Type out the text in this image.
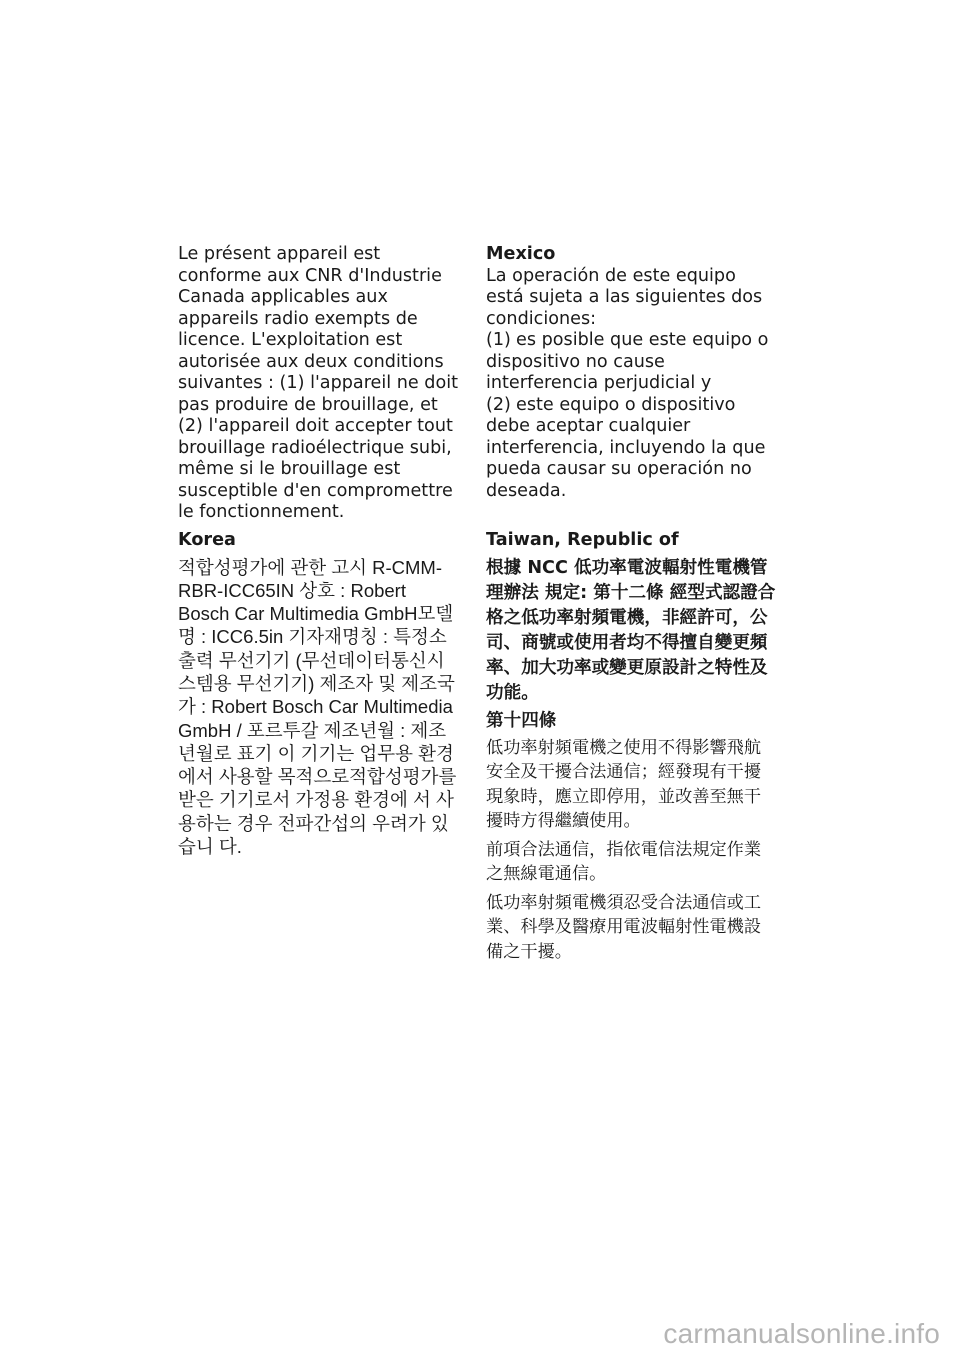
Le présent appareil est conforme aux CNR d'Industrie Canada applicables aux appareils radio exempts de licence. L'exploitation est autorisée aux deux conditions suivantes : (1) l'appareil ne doit pas produire de brouillage, et (2) l'appareil doit accepter tout brouillage radioélectrique subi, même si le brouillage est susceptible d'en compromettre le fonctionnement.

Mexico

La operación de este equipo está sujeta a las siguientes dos condiciones:

(1) es posible que este equipo o dispositivo no cause interferencia perjudicial y
(2) este equipo o dispositivo debe aceptar cualquier interferencia, incluyendo la que pueda causar su operación no deseada.

Korea

적합성평가에 관한 고시 R-CMM-RBR-ICC65IN 상호 : Robert Bosch Car Multimedia GmbH모델명 : ICC6.5in 기자재명칭 : 특정소출력 무선기기 (무선데이터통신시스템용 무선기기) 제조자 및 제조국가 : Robert Bosch Car Multimedia GmbH / 포르투갈 제조년월 : 제조년월로 표기 이 기기는 업무용 환경에서 사용할 목적으로적합성평가를 받은 기기로서 가정용 환경에 서 사용하는 경우 전파간섭의 우려가 있습니 다.

Taiwan, Republic of

根據 NCC 低功率電波輻射性電機管理辦法 規定: 第十二條 經型式認證合格之低功率射頻電機，非經許可，公司、商號或使用者均不得擅自變更頻率、加大功率或變更原設計之特性及功能。

第十四條

低功率射頻電機之使用不得影響飛航安全及干擾合法通信；經發現有干擾現象時，應立即停用，並改善至無干擾時方得繼續使用。

前項合法通信，指依電信法規定作業之無線電通信。

低功率射頻電機須忍受合法通信或工業、科學及醫療用電波輻射性電機設備之干擾。

carmanualsonline.info
